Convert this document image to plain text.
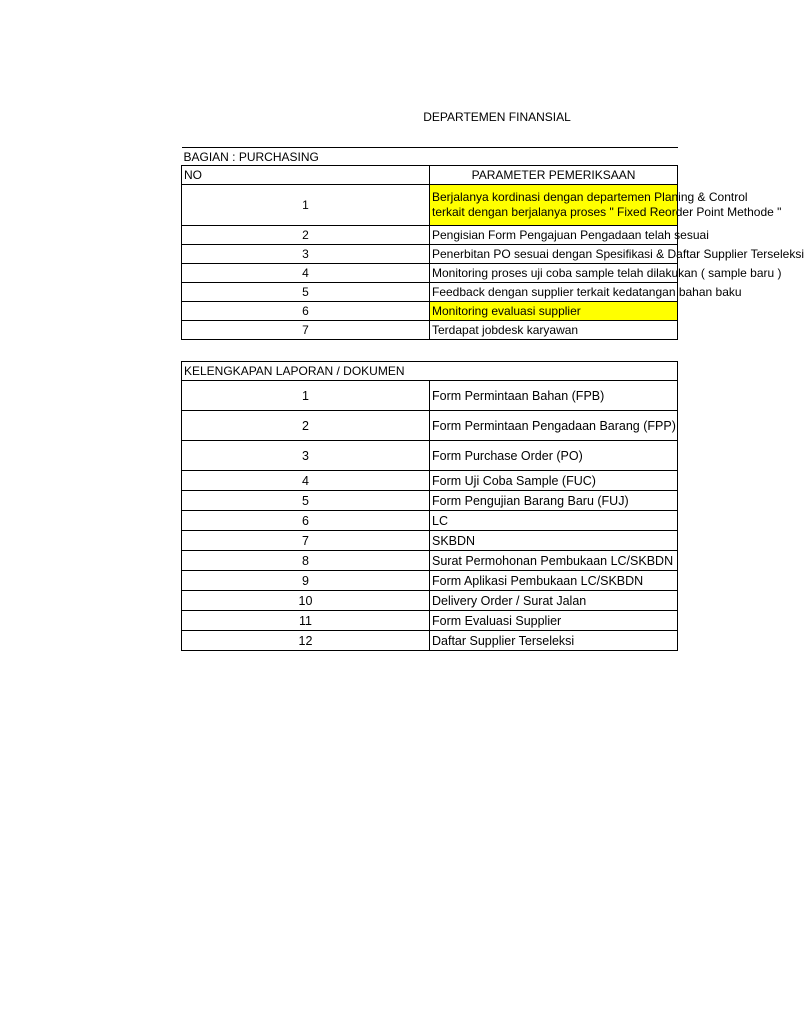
DEPARTEMEN FINANSIAL
BAGIAN : PURCHASING	
NO	PARAMETER PEMERIKSAAN
1	Berjalanya kordinasi dengan departemen Planing & Control
terkait dengan berjalanya proses " Fixed Reorder Point Methode "

2	Pengisian Form Pengajuan Pengadaan telah sesuai
3	Penerbitan PO sesuai dengan Spesifikasi & Daftar Supplier Terseleksi
4	Monitoring proses uji coba sample telah dilakukan ( sample baru )
5	Feedback dengan supplier terkait kedatangan bahan baku
6	Monitoring evaluasi supplier
7	Terdapat jobdesk karyawan
KELENGKAPAN LAPORAN / DOKUMEN	
1	Form Permintaan Bahan (FPB)
2	Form Permintaan Pengadaan Barang (FPP)
3	Form Purchase Order (PO)
4	Form Uji Coba Sample (FUC)
5	Form Pengujian Barang Baru (FUJ)
6	LC
7	SKBDN
8	Surat Permohonan Pembukaan LC/SKBDN
9	Form Aplikasi Pembukaan LC/SKBDN
10	Delivery Order / Surat Jalan
11	Form Evaluasi Supplier
12	Daftar Supplier Terseleksi
